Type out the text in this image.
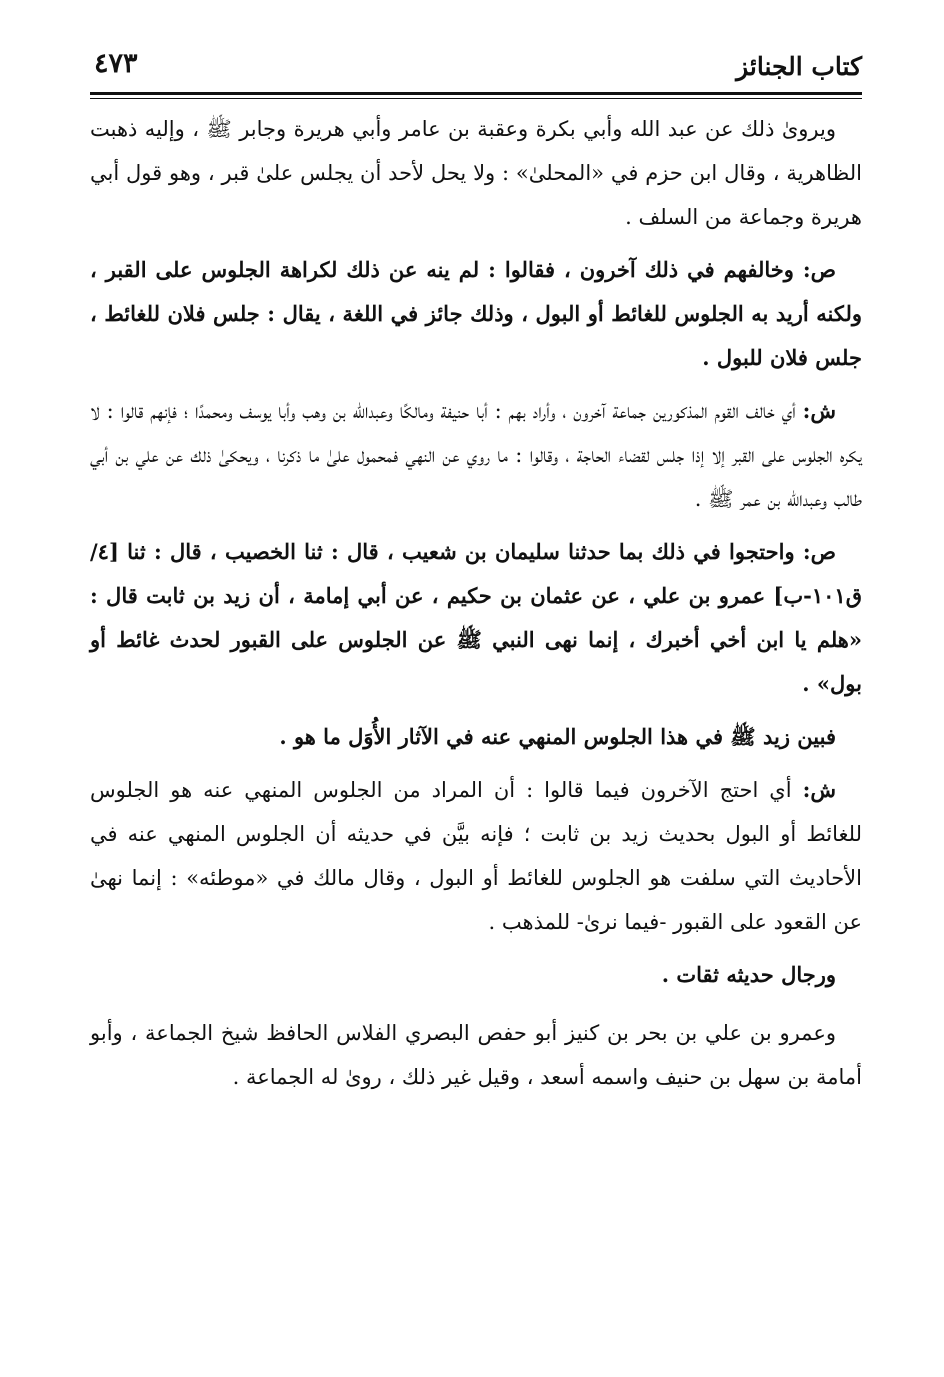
كتاب الجنائز
٤٧٣

ويروىٰ ذلك عن عبد الله وأبي بكرة وعقبة بن عامر وأبي هريرة وجابر ﷺ ، وإليه ذهبت الظاهرية ، وقال ابن حزم في «المحلىٰ» : ولا يحل لأحد أن يجلس علىٰ قبر ، وهو قول أبي هريرة وجماعة من السلف .

ص: وخالفهم في ذلك آخرون ، فقالوا : لم ينه عن ذلك لكراهة الجلوس على القبر ، ولكنه أريد به الجلوس للغائط أو البول ، وذلك جائز في اللغة ، يقال : جلس فلان للغائط ، جلس فلان للبول .

ش: أي خالف القوم المذكورين جماعة آخرون ، وأراد بهم : أبا حنيفة ومالكًا وعبدالله بن وهب وأبا يوسف ومحمدًا ؛ فإنهم قالوا : لا يكره الجلوس على القبر إلا إذا جلس لقضاء الحاجة ، وقالوا : ما روي عن النهي فمحمول علىٰ ما ذكرنا ، ويحكىٰ ذلك عن علي بن أبي طالب وعبدالله بن عمر ﷺ .

ص: واحتجوا في ذلك بما حدثنا سليمان بن شعيب ، قال : ثنا الخصيب ، قال : ثنا [٤/ق١٠١-ب] عمرو بن علي ، عن عثمان بن حكيم ، عن أبي إمامة ، أن زيد بن ثابت قال : «هلم يا ابن أخي أخبرك ، إنما نهى النبي ﷺ عن الجلوس على القبور لحدث غائط أو بول» .

فبين زيد ﷺ في هذا الجلوس المنهي عنه في الآثار الأُوَل ما هو .

ش: أي احتج الآخرون فيما قالوا : أن المراد من الجلوس المنهي عنه هو الجلوس للغائط أو البول بحديث زيد بن ثابت ؛ فإنه بيَّن في حديثه أن الجلوس المنهي عنه في الأحاديث التي سلفت هو الجلوس للغائط أو البول ، وقال مالك في «موطئه» : إنما نهىٰ عن القعود على القبور -فيما نرىٰ- للمذهب .

ورجال حديثه ثقات .

وعمرو بن علي بن بحر بن كنيز أبو حفص البصري الفلاس الحافظ شيخ الجماعة ، وأبو أمامة بن سهل بن حنيف واسمه أسعد ، وقيل غير ذلك ، روىٰ له الجماعة .
